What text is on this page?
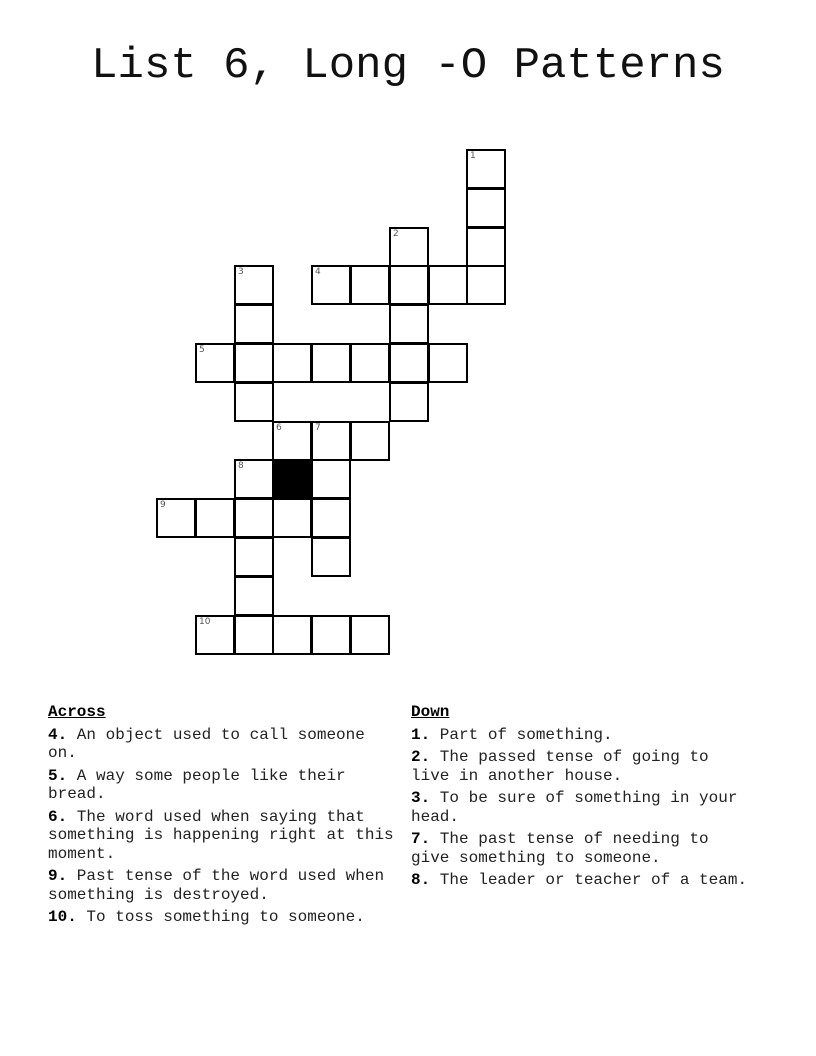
List 6, Long -O Patterns
1
2
3	4
5
6	7
8
9
10
Across
4. An object used to call someone on.
5. A way some people like their bread.
6. The word used when saying that something is happening right at this moment.
9. Past tense of the word used when something is destroyed.
10. To toss something to someone.
Down
1. Part of something.
2. The passed tense of going to live in another house.
3. To be sure of something in your head.
7. The past tense of needing to give something to someone.
8. The leader or teacher of a team.
